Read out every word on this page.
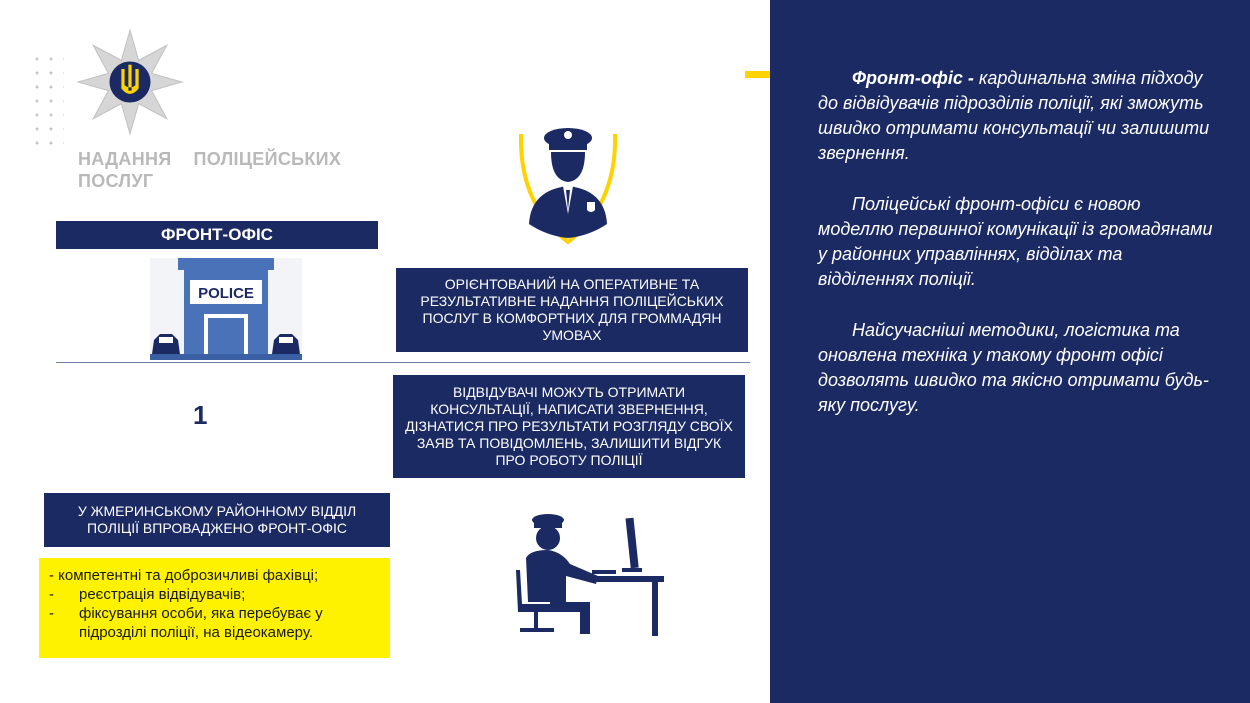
НАДАННЯ ПОЛІЦЕЙСЬКИХ
ПОСЛУГ
ФРОНТ-ОФІС
POLICE
ОРІЄНТОВАНИЙ НА ОПЕРАТИВНЕ ТА РЕЗУЛЬТАТИВНЕ НАДАННЯ ПОЛІЦЕЙСЬКИХ ПОСЛУГ В КОМФОРТНИХ ДЛЯ ГРОММАДЯН УМОВАХ
1
ВІДВІДУВАЧІ МОЖУТЬ ОТРИМАТИ КОНСУЛЬТАЦІЇ, НАПИСАТИ ЗВЕРНЕННЯ, ДІЗНАТИСЯ ПРО РЕЗУЛЬТАТИ РОЗГЛЯДУ СВОЇХ ЗАЯВ ТА ПОВІДОМЛЕНЬ, ЗАЛИШИТИ ВІДГУК ПРО РОБОТУ ПОЛІЦІЇ
У ЖМЕРИНСЬКОМУ РАЙОННОМУ ВІДДІЛ ПОЛІЦІЇ ВПРОВАДЖЕНО ФРОНТ-ОФІС
- компетентні та доброзичливі фахівці;
-	реєстрація відвідувачів;
-	фіксування особи, яка перебуває у підрозділі поліції, на відеокамеру.

Фронт-офіс - кардинальна зміна підходу до відвідувачів підрозділів поліції, які зможуть швидко отримати консультації чи залишити звернення.

Поліцейські фронт-офіси є новою моделлю первинної комунікації із громадянами у районних управліннях, відділах та відділеннях поліції.

Найсучасніші методики, логістика та оновлена техніка у такому фронт офісі дозволять швидко та якісно отримати будь-яку послугу.
